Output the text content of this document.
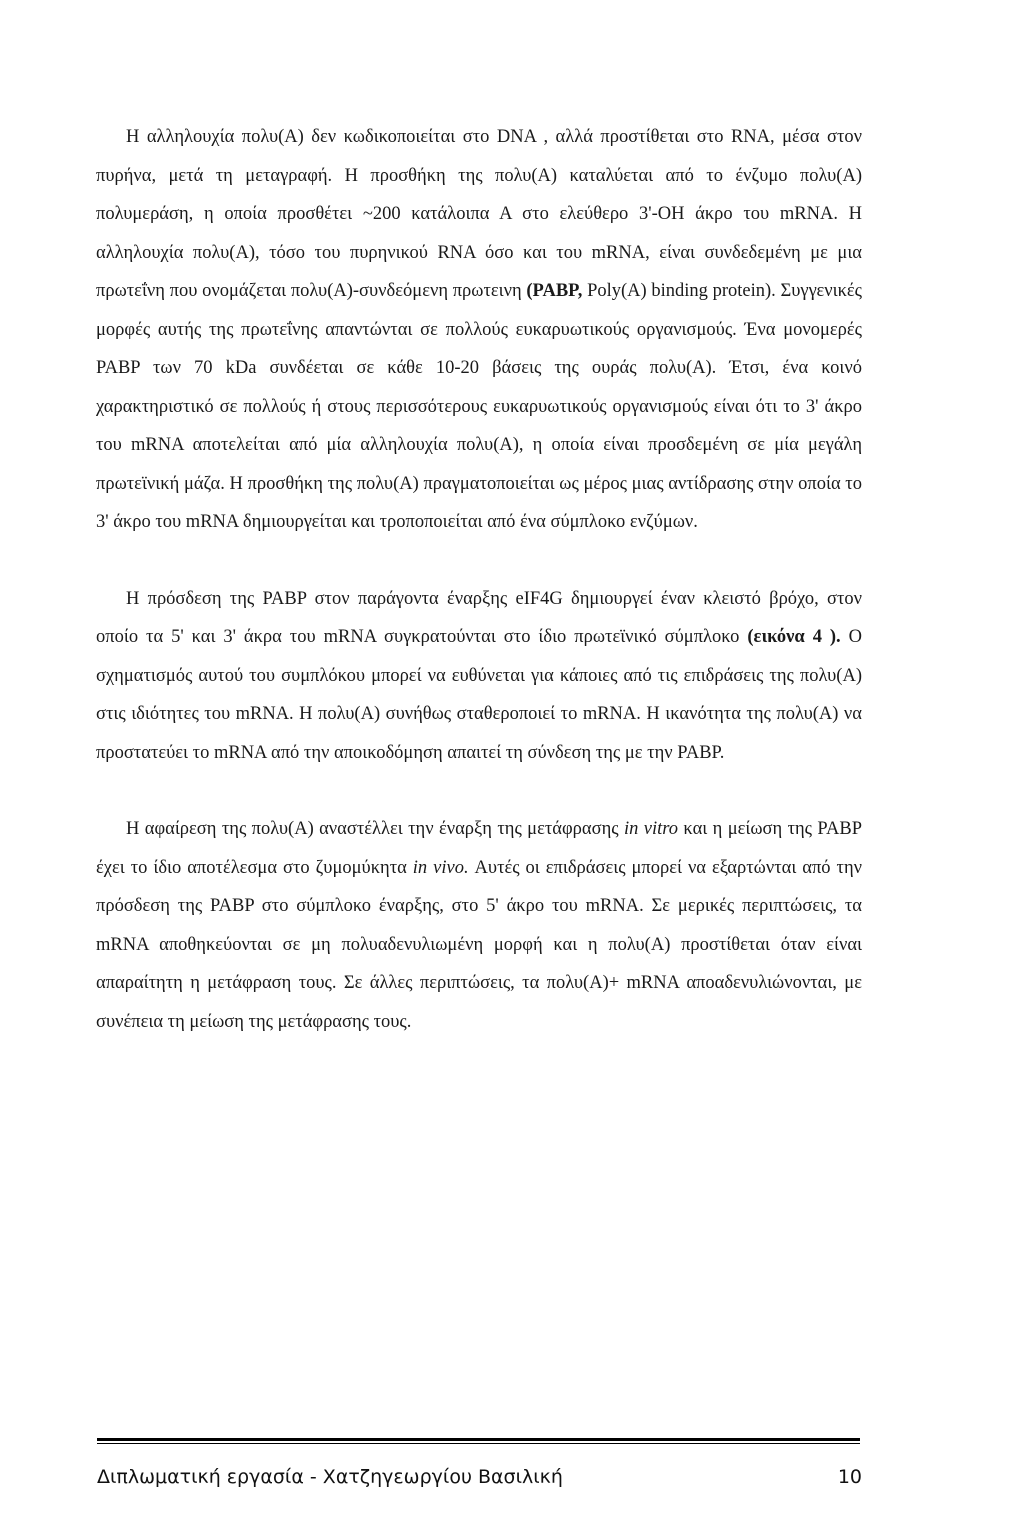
Η αλληλουχία πολυ(Α) δεν κωδικοποιείται στο DNA , αλλά προστίθεται στο RNA, μέσα στον πυρήνα, μετά τη μεταγραφή. Η προσθήκη της πολυ(Α) καταλύεται από το ένζυμο πολυ(Α) πολυμεράση, η οποία προσθέτει ~200 κατάλοιπα Α στο ελεύθερο 3'-OH άκρο του mRNA. Η αλληλουχία πολυ(Α), τόσο του πυρηνικού RNA όσο και του mRNA, είναι συνδεδεμένη με μια πρωτεΐνη που ονομάζεται πολυ(Α)-συνδεόμενη πρωτεινη (PABP, Poly(A) binding protein). Συγγενικές μορφές αυτής της πρωτεΐνης απαντώνται σε πολλούς ευκαρυωτικούς οργανισμούς. Ένα μονομερές PABP των 70 kDa συνδέεται σε κάθε 10-20 βάσεις της ουράς πολυ(Α). Έτσι, ένα κοινό χαρακτηριστικό σε πολλούς ή στους περισσότερους ευκαρυωτικούς οργανισμούς είναι ότι το 3' άκρο του mRNA αποτελείται από μία αλληλουχία πολυ(Α), η οποία είναι προσδεμένη σε μία μεγάλη πρωτεϊνική μάζα. Η προσθήκη της πολυ(Α) πραγματοποιείται ως μέρος μιας αντίδρασης στην οποία το 3' άκρο του mRNA δημιουργείται και τροποποιείται από ένα σύμπλοκο ενζύμων.

Η πρόσδεση της PABP στον παράγοντα έναρξης eIF4G δημιουργεί έναν κλειστό βρόχο, στον οποίο τα 5' και 3' άκρα του mRNA συγκρατούνται στο ίδιο πρωτεϊνικό σύμπλοκο (εικόνα 4 ). Ο σχηματισμός αυτού του συμπλόκου μπορεί να ευθύνεται για κάποιες από τις επιδράσεις της πολυ(Α) στις ιδιότητες του mRNA. Η πολυ(Α) συνήθως σταθεροποιεί το mRNA. Η ικανότητα της πολυ(Α) να προστατεύει το mRNA από την αποικοδόμηση απαιτεί τη σύνδεση της με την PABP.

Η αφαίρεση της πολυ(Α) αναστέλλει την έναρξη της μετάφρασης in vitro και η μείωση της PABP έχει το ίδιο αποτέλεσμα στο ζυμομύκητα in vivo. Αυτές οι επιδράσεις μπορεί να εξαρτώνται από την πρόσδεση της PABP στο σύμπλοκο έναρξης, στο 5' άκρο του mRNA. Σε μερικές περιπτώσεις, τα mRNA αποθηκεύονται σε μη πολυαδενυλιωμένη μορφή και η πολυ(Α) προστίθεται όταν είναι απαραίτητη η μετάφραση τους. Σε άλλες περιπτώσεις, τα πολυ(Α)+ mRNA αποαδενυλιώνονται, με συνέπεια τη μείωση της μετάφρασης τους.

Διπλωματική εργασία - Χατζηγεωργίου Βασιλική	10
